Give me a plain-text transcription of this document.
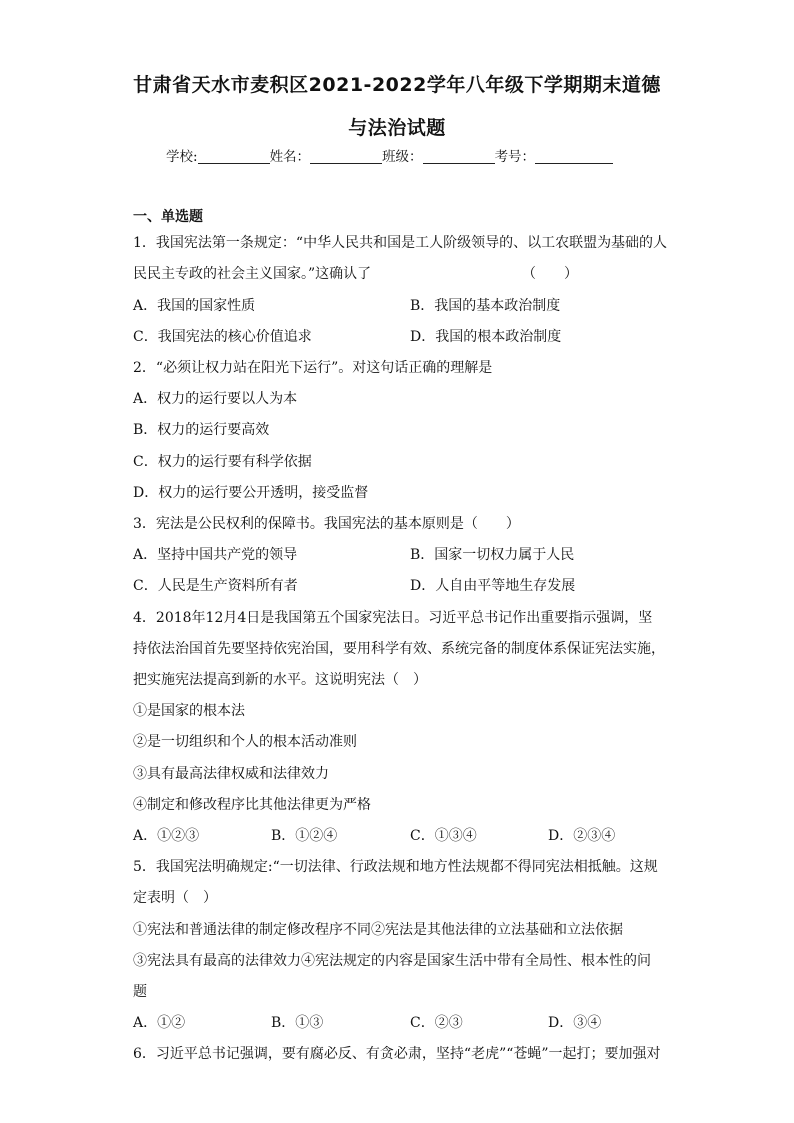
甘肃省天水市麦积区2021-2022学年八年级下学期期末道德
与法治试题
学校:	姓名：	班级：	考号：
一、单选题
1．我国宪法第一条规定：“中华人民共和国是工人阶级领导的、以工农联盟为基础的人
民民主专政的社会主义国家。”这确认了	（　　）
A．我国的国家性质	B．我国的基本政治制度
C．我国宪法的核心价值追求	D．我国的根本政治制度
2．“必须让权力站在阳光下运行”。对这句话正确的理解是
A．权力的运行要以人为本
B．权力的运行要高效
C．权力的运行要有科学依据
D．权力的运行要公开透明，接受监督
3．宪法是公民权利的保障书。我国宪法的基本原则是（　　）
A．坚持中国共产党的领导	B．国家一切权力属于人民
C．人民是生产资料所有者	D．人自由平等地生存发展
4．2018年12月4日是我国第五个国家宪法日。习近平总书记作出重要指示强调，坚
持依法治国首先要坚持依宪治国，要用科学有效、系统完备的制度体系保证宪法实施，
把实施宪法提高到新的水平。这说明宪法（　）
①是国家的根本法
②是一切组织和个人的根本活动准则
③具有最高法律权威和法律效力
④制定和修改程序比其他法律更为严格
A．①②③	B．①②④	C．①③④	D．②③④
5．我国宪法明确规定:“一切法律、行政法规和地方性法规都不得同宪法相抵触。这规
定表明（　）
①宪法和普通法律的制定修改程序不同②宪法是其他法律的立法基础和立法依据
③宪法具有最高的法律效力④宪法规定的内容是国家生活中带有全局性、根本性的问
题
A．①②	B．①③	C．②③	D．③④
6．习近平总书记强调，要有腐必反、有贪必肃，坚持“老虎”“苍蝇”一起打；要加强对
